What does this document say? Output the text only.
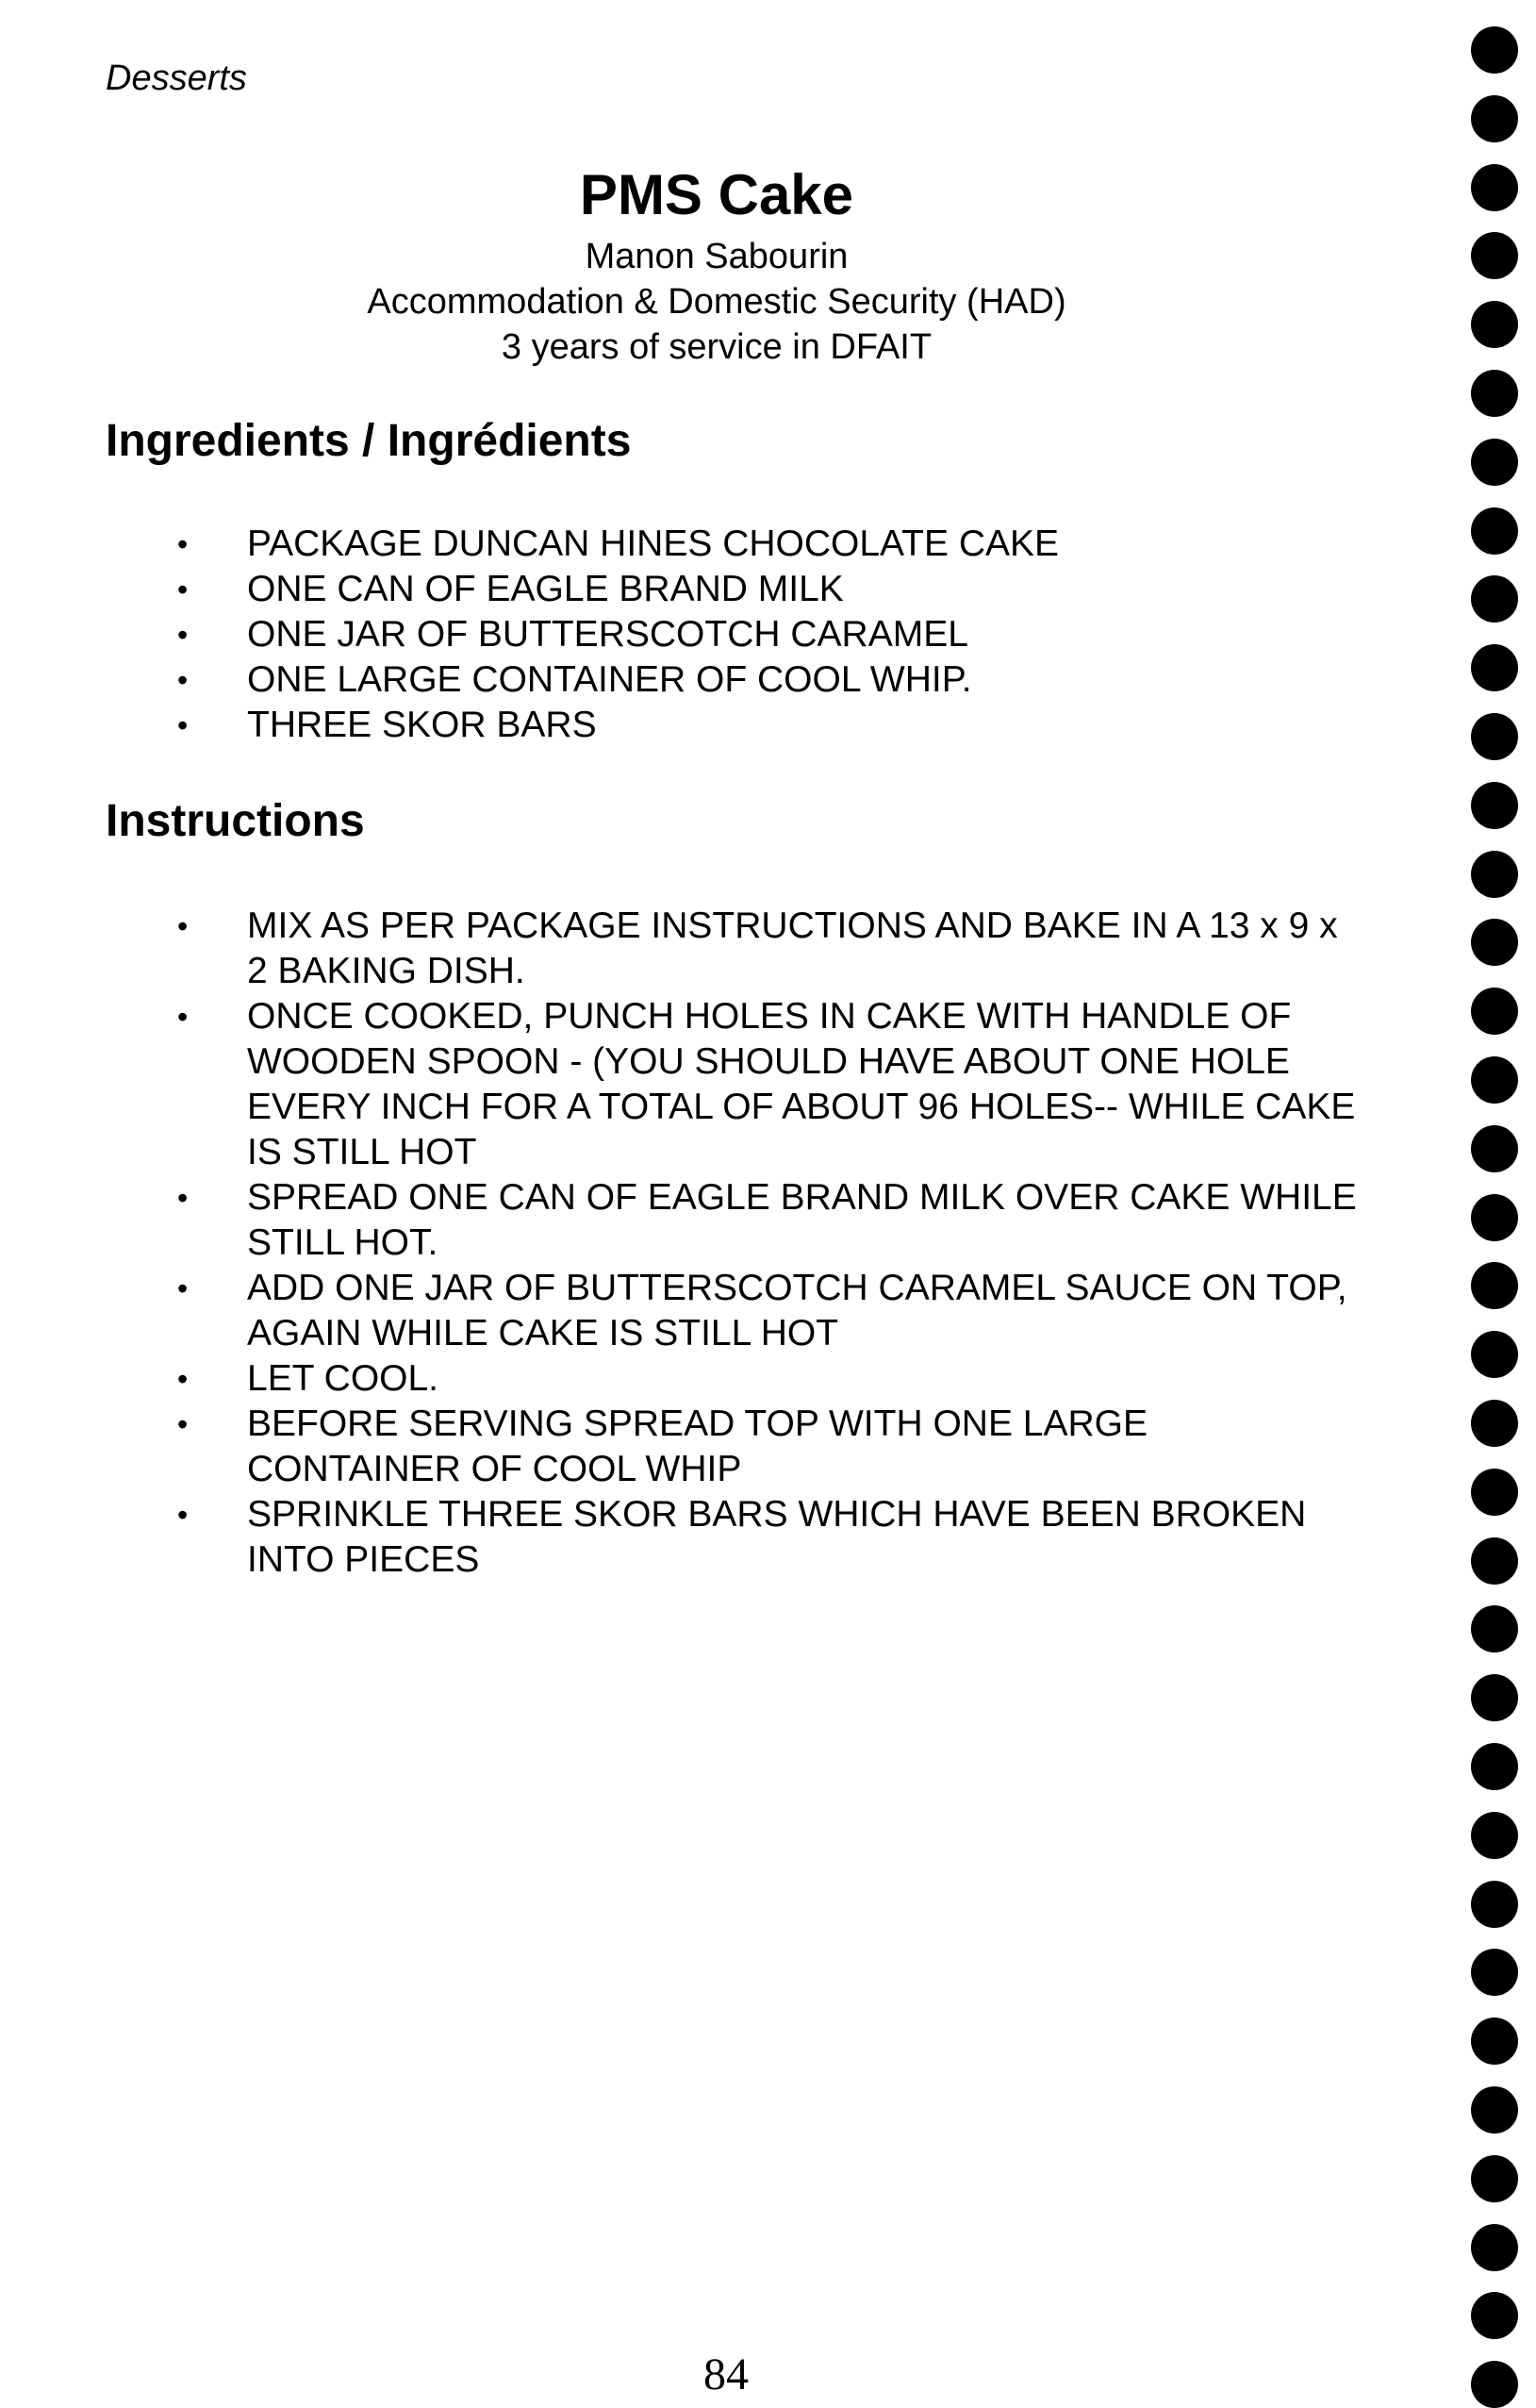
Desserts
PMS Cake
Manon Sabourin
Accommodation & Domestic Security (HAD)
3 years of service in DFAIT
Ingredients / Ingrédients
• PACKAGE DUNCAN HINES CHOCOLATE CAKE
• ONE CAN OF EAGLE BRAND MILK
• ONE JAR OF BUTTERSCOTCH CARAMEL
• ONE LARGE CONTAINER OF COOL WHIP.
• THREE SKOR BARS
Instructions
• MIX AS PER PACKAGE INSTRUCTIONS AND BAKE IN A 13 x 9 x 2 BAKING DISH.
• ONCE COOKED, PUNCH HOLES IN CAKE WITH HANDLE OF WOODEN SPOON - (YOU SHOULD HAVE ABOUT ONE HOLE EVERY INCH FOR A TOTAL OF ABOUT 96 HOLES-- WHILE CAKE IS STILL HOT
• SPREAD ONE CAN OF EAGLE BRAND MILK OVER CAKE WHILE STILL HOT.
• ADD ONE JAR OF BUTTERSCOTCH CARAMEL SAUCE ON TOP, AGAIN WHILE CAKE IS STILL HOT
• LET COOL.
• BEFORE SERVING SPREAD TOP WITH ONE LARGE CONTAINER OF COOL WHIP
• SPRINKLE THREE SKOR BARS WHICH HAVE BEEN BROKEN INTO PIECES
84
